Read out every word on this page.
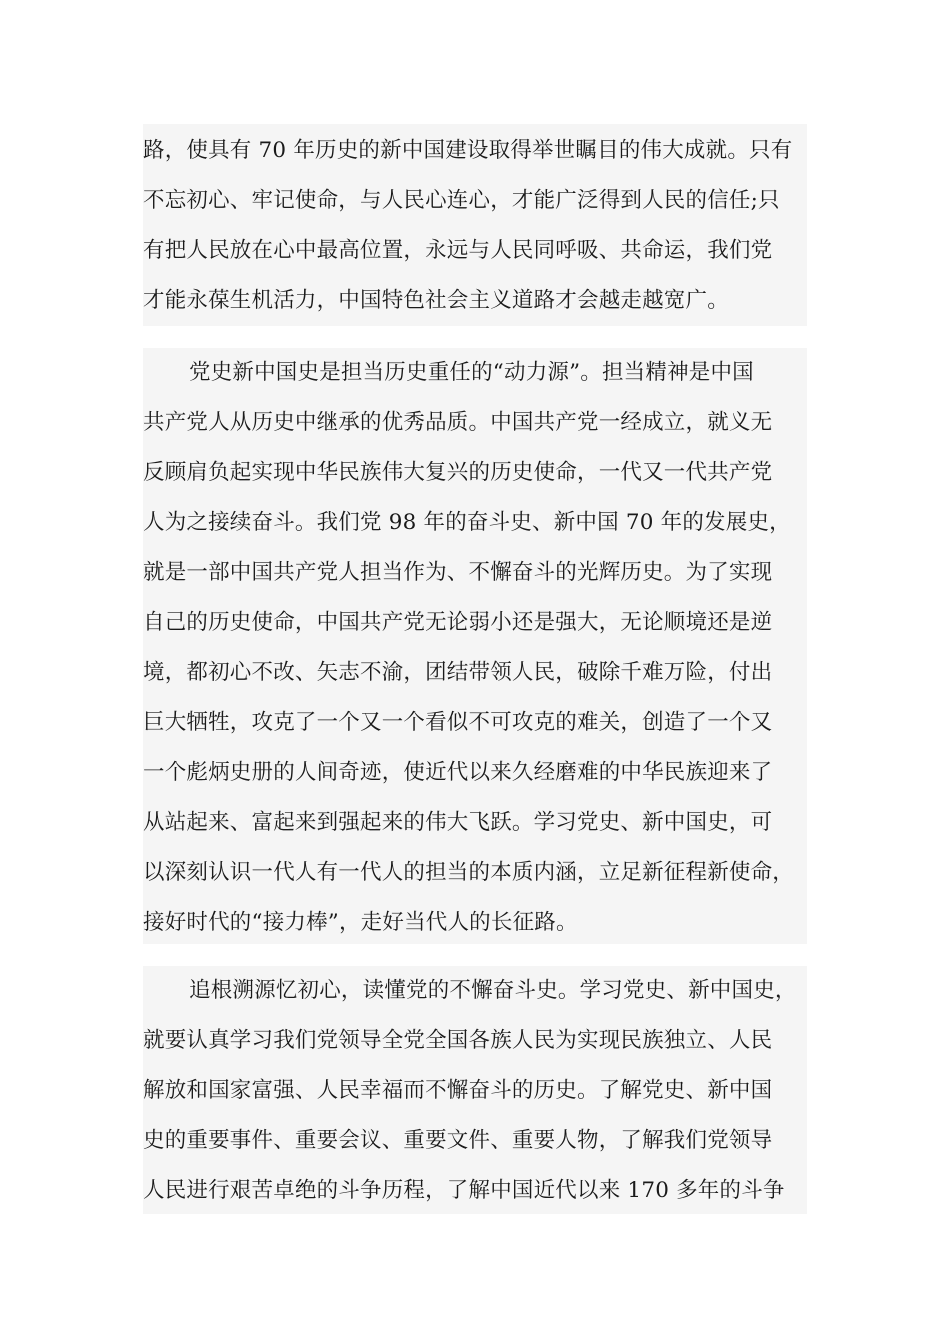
路，使具有 70 年历史的新中国建设取得举世瞩目的伟大成就。只有
不忘初心、牢记使命，与人民心连心，才能广泛得到人民的信任;只
有把人民放在心中最高位置，永远与人民同呼吸、共命运，我们党
才能永葆生机活力，中国特色社会主义道路才会越走越宽广。
党史新中国史是担当历史重任的“动力源”。担当精神是中国
共产党人从历史中继承的优秀品质。中国共产党一经成立，就义无
反顾肩负起实现中华民族伟大复兴的历史使命，一代又一代共产党
人为之接续奋斗。我们党 98 年的奋斗史、新中国 70 年的发展史，
就是一部中国共产党人担当作为、不懈奋斗的光辉历史。为了实现
自己的历史使命，中国共产党无论弱小还是强大，无论顺境还是逆
境，都初心不改、矢志不渝，团结带领人民，破除千难万险，付出
巨大牺牲，攻克了一个又一个看似不可攻克的难关，创造了一个又
一个彪炳史册的人间奇迹，使近代以来久经磨难的中华民族迎来了
从站起来、富起来到强起来的伟大飞跃。学习党史、新中国史，可
以深刻认识一代人有一代人的担当的本质内涵，立足新征程新使命，
接好时代的“接力棒”，走好当代人的长征路。
追根溯源忆初心，读懂党的不懈奋斗史。学习党史、新中国史，
就要认真学习我们党领导全党全国各族人民为实现民族独立、人民
解放和国家富强、人民幸福而不懈奋斗的历史。了解党史、新中国
史的重要事件、重要会议、重要文件、重要人物，了解我们党领导
人民进行艰苦卓绝的斗争历程，了解中国近代以来 170 多年的斗争
